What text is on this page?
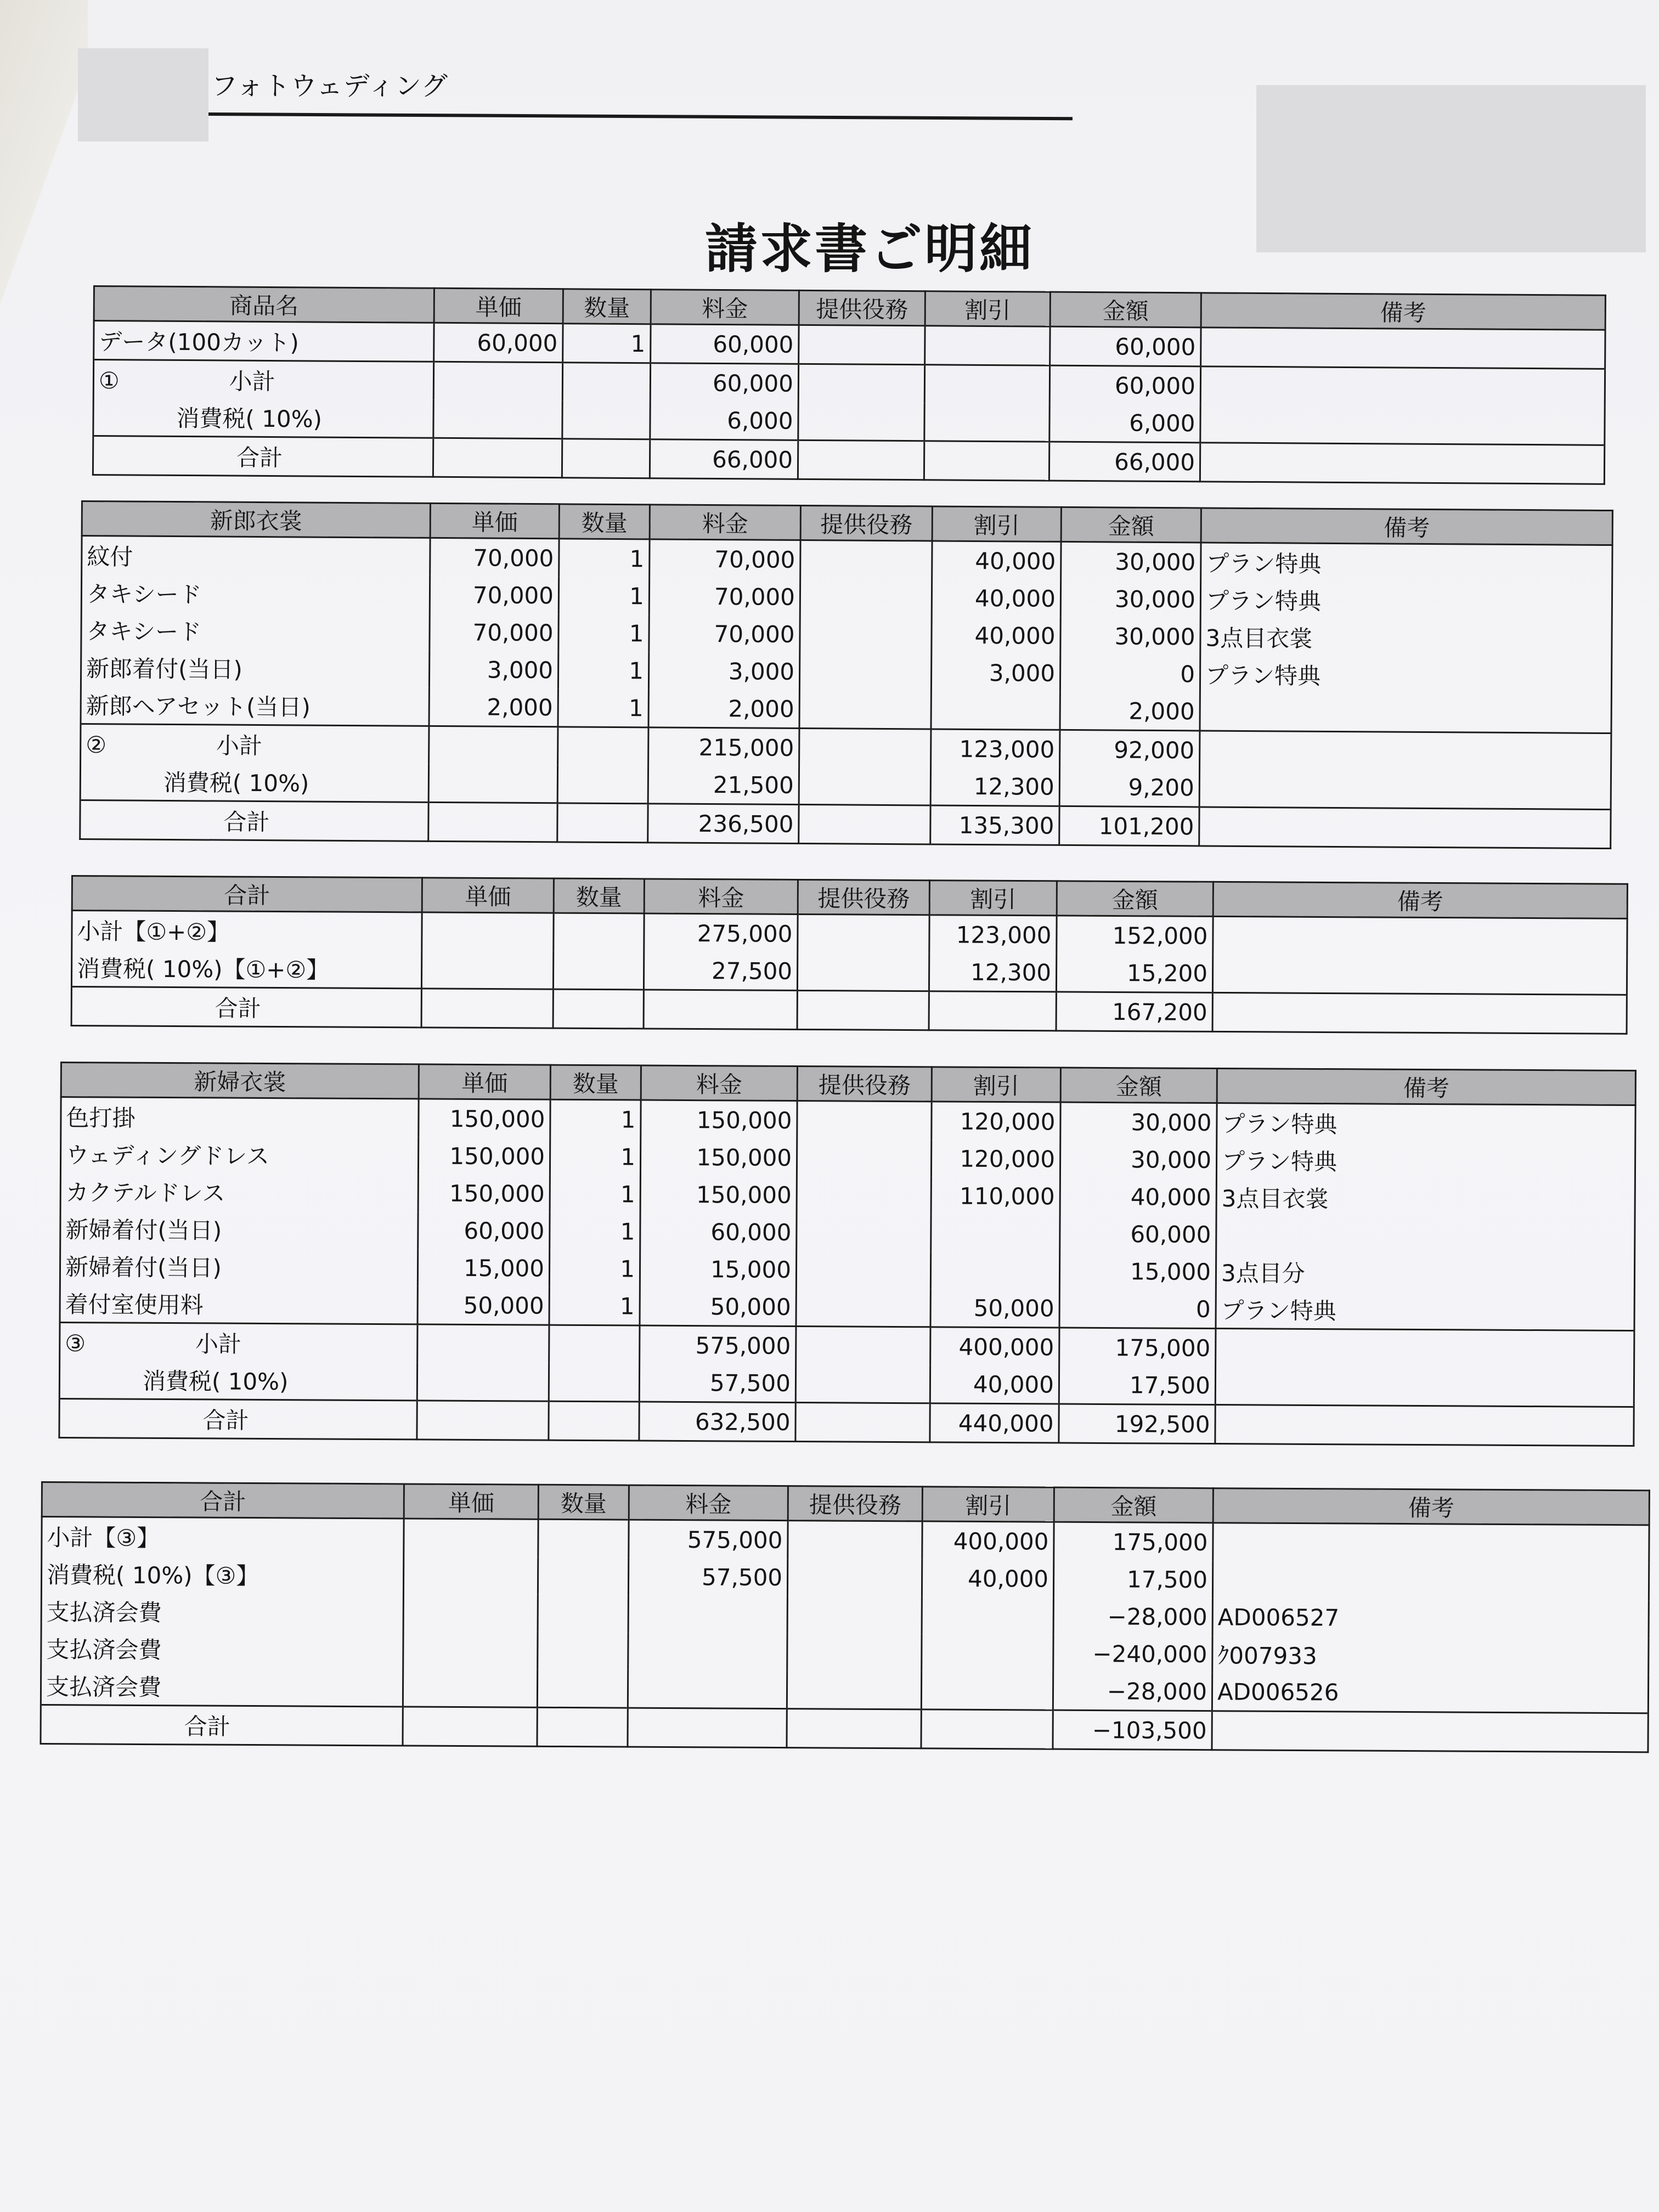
フォトウェディング
請求書ご明細
商品名	単価	数量	料金	提供役務	割引	金額	備考
データ(100カット)	60,000	1	60,000			60,000	
① 小計			60,000			60,000	
消費税( 10%)			6,000			6,000	
合計			66,000			66,000	
新郎衣裳	単価	数量	料金	提供役務	割引	金額	備考
紋付	70,000	1	70,000		40,000	30,000	プラン特典
タキシード	70,000	1	70,000		40,000	30,000	プラン特典
タキシード	70,000	1	70,000		40,000	30,000	3点目衣裳
新郎着付(当日)	3,000	1	3,000		3,000	0	プラン特典
新郎ヘアセット(当日)	2,000	1	2,000			2,000	
② 小計			215,000		123,000	92,000	
消費税( 10%)			21,500		12,300	9,200	
合計			236,500		135,300	101,200	
合計	単価	数量	料金	提供役務	割引	金額	備考
小計【①+②】			275,000		123,000	152,000	
消費税( 10%)【①+②】			27,500		12,300	15,200	
合計						167,200	
新婦衣裳	単価	数量	料金	提供役務	割引	金額	備考
色打掛	150,000	1	150,000		120,000	30,000	プラン特典
ウェディングドレス	150,000	1	150,000		120,000	30,000	プラン特典
カクテルドレス	150,000	1	150,000		110,000	40,000	3点目衣裳
新婦着付(当日)	60,000	1	60,000			60,000	
新婦着付(当日)	15,000	1	15,000			15,000	3点目分
着付室使用料	50,000	1	50,000		50,000	0	プラン特典
③ 小計			575,000		400,000	175,000	
消費税( 10%)			57,500		40,000	17,500	
合計			632,500		440,000	192,500	
合計	単価	数量	料金	提供役務	割引	金額	備考
小計【③】			575,000		400,000	175,000	
消費税( 10%)【③】			57,500		40,000	17,500	
支払済会費						−28,000	AD006527
支払済会費						−240,000	ｸ007933
支払済会費						−28,000	AD006526
合計						−103,500	
